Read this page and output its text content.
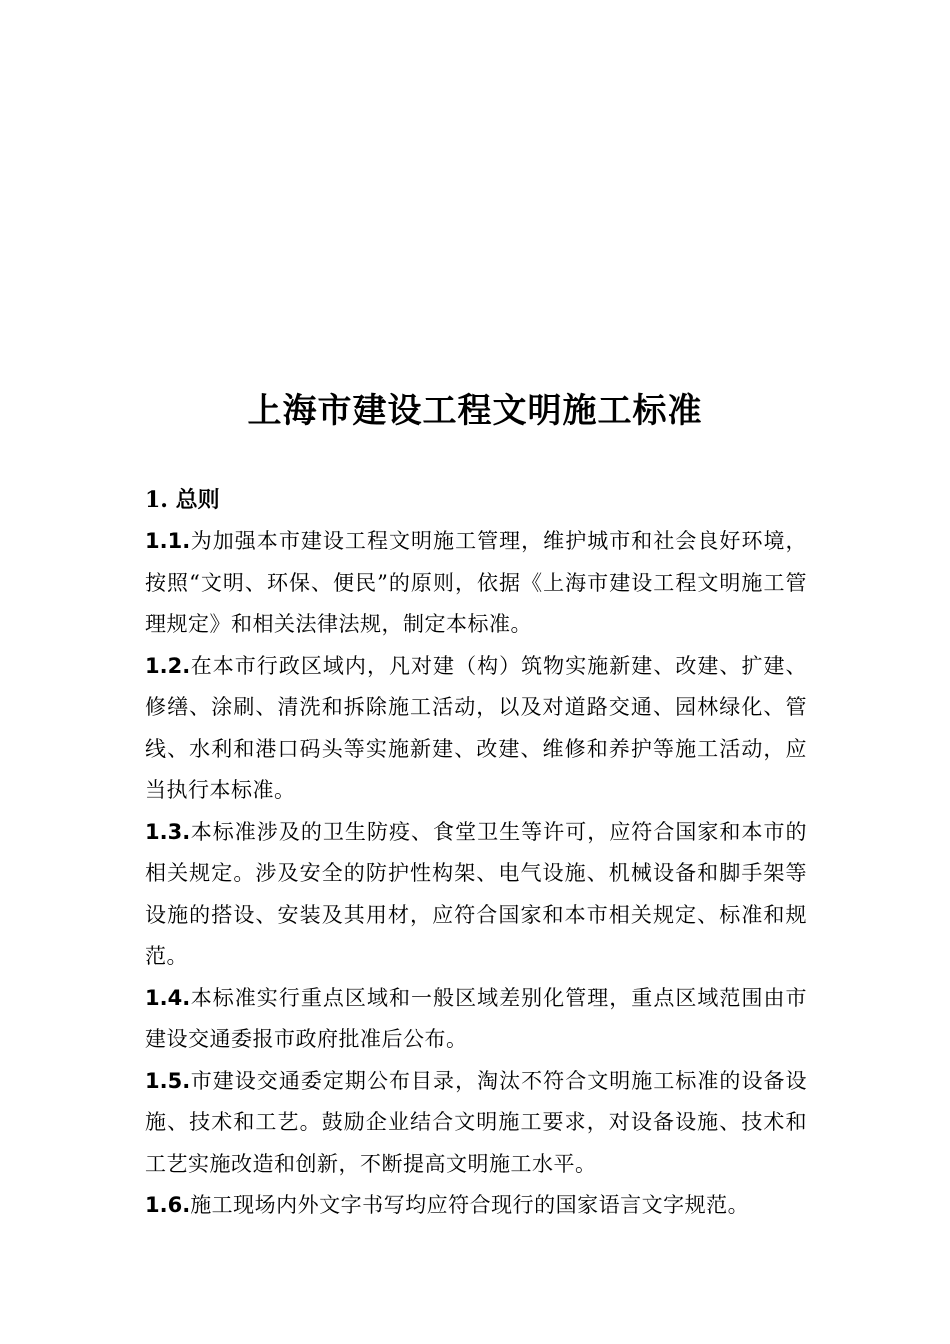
上海市建设工程文明施工标准
1. 总则

1.1.为加强本市建设工程文明施工管理，维护城市和社会良好环境，按照“文明、环保、便民”的原则，依据《上海市建设工程文明施工管理规定》和相关法律法规，制定本标准。

1.2.在本市行政区域内，凡对建（构）筑物实施新建、改建、扩建、修缮、涂刷、清洗和拆除施工活动，以及对道路交通、园林绿化、管线、水利和港口码头等实施新建、改建、维修和养护等施工活动，应当执行本标准。

1.3.本标准涉及的卫生防疫、食堂卫生等许可，应符合国家和本市的相关规定。涉及安全的防护性构架、电气设施、机械设备和脚手架等设施的搭设、安装及其用材，应符合国家和本市相关规定、标准和规范。

1.4.本标准实行重点区域和一般区域差别化管理，重点区域范围由市建设交通委报市政府批准后公布。

1.5.市建设交通委定期公布目录，淘汰不符合文明施工标准的设备设施、技术和工艺。鼓励企业结合文明施工要求，对设备设施、技术和工艺实施改造和创新，不断提高文明施工水平。

1.6.施工现场内外文字书写均应符合现行的国家语言文字规范。
